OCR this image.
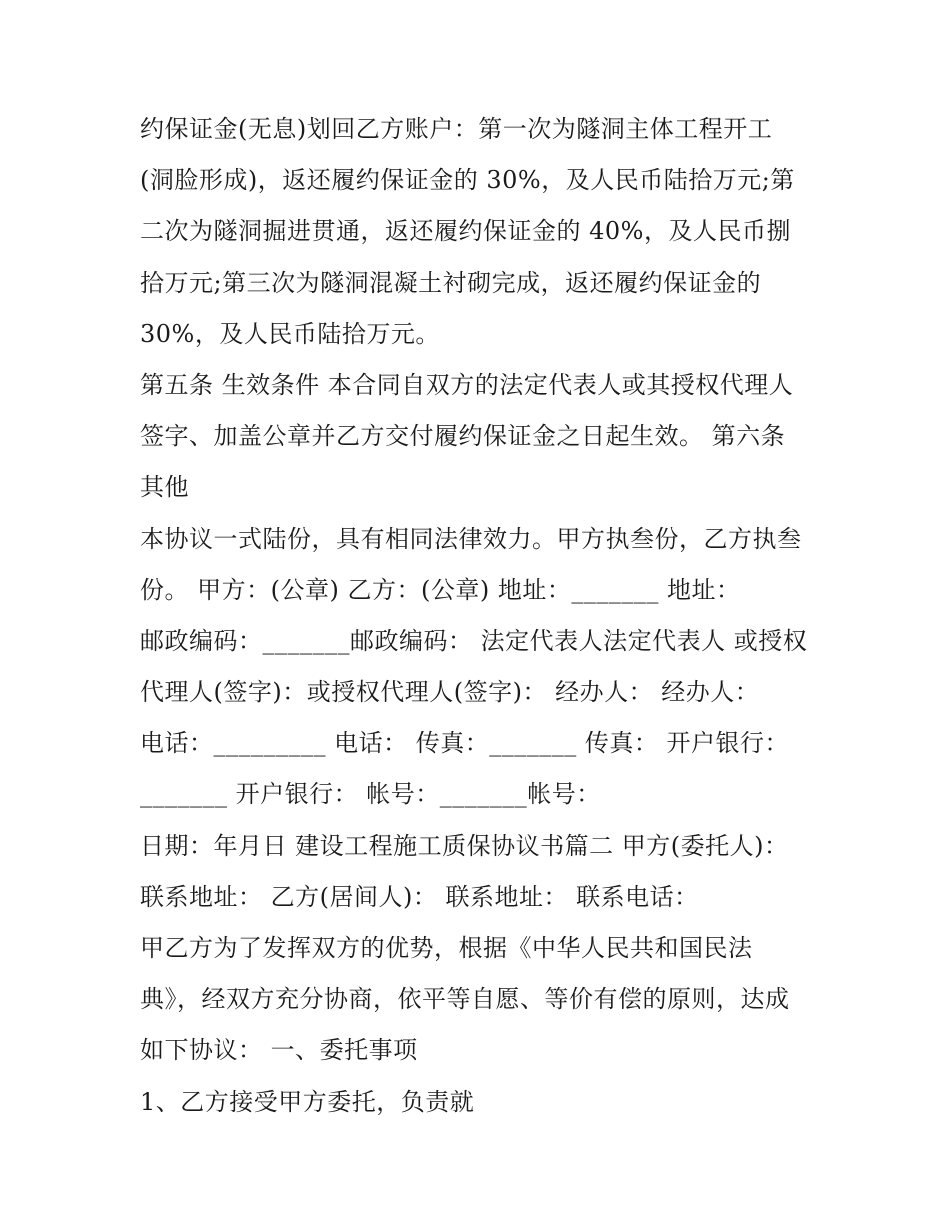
约保证金(无息)划回乙方账户：第一次为隧洞主体工程开工
(洞脸形成)，返还履约保证金的 30%，及人民币陆拾万元;第
二次为隧洞掘进贯通，返还履约保证金的 40%，及人民币捌
拾万元;第三次为隧洞混凝土衬砌完成，返还履约保证金的
30%，及人民币陆拾万元。
第五条 生效条件 本合同自双方的法定代表人或其授权代理人
签字、加盖公章并乙方交付履约保证金之日起生效。 第六条
其他
本协议一式陆份，具有相同法律效力。甲方执叁份，乙方执叁
份。 甲方：(公章) 乙方：(公章) 地址：_______ 地址：
邮政编码：_______邮政编码： 法定代表人法定代表人 或授权
代理人(签字)：或授权代理人(签字)： 经办人： 经办人：
电话：_________ 电话： 传真：_______ 传真： 开户银行：
_______ 开户银行： 帐号：_______帐号：
日期：年月日 建设工程施工质保协议书篇二 甲方(委托人)：
联系地址： 乙方(居间人)： 联系地址： 联系电话：
甲乙方为了发挥双方的优势，根据《中华人民共和国民法
典》，经双方充分协商，依平等自愿、等价有偿的原则，达成
如下协议： 一、委托事项
1、乙方接受甲方委托，负责就
